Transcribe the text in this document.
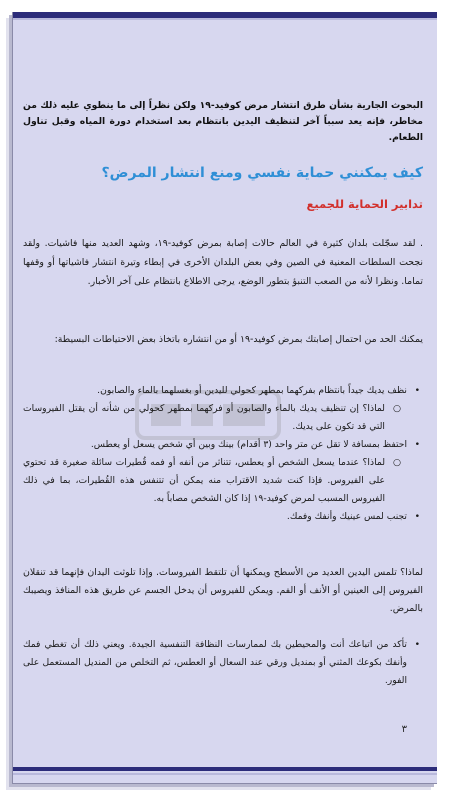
البحوث الجارية بشأن طرق انتشار مرض كوفيد-١٩ ولكن نظراً إلى ما ينطوي عليه ذلك من مخاطر، فإنه يعد سبباً آخر لتنظيف اليدين بانتظام بعد استخدام دورة المياه وقبل تناول الطعام.

كيف يمكنني حماية نفسي ومنع انتشار المرض؟
تدابير الحماية للجميع

. لقد سجّلت بلدان كثيرة في العالم حالات إصابة بمرض كوفيد-١٩، وشهد العديد منها فاشيات. ولقد نجحت السلطات المعنية في الصين وفي بعض البلدان الأخرى في إبطاء وتيرة انتشار فاشياتها أو وقفها تماما. ونظرا لأنه من الصعب التنبؤ بتطور الوضع، يرجى الاطلاع بانتظام على آخر الأخبار.

يمكنك الحد من احتمال إصابتك بمرض كوفيد-١٩ أو من انتشاره باتخاذ بعض الاحتياطات البسيطة:

•
نظف يديك جيداً بانتظام بفركهما بمطهر كحولي لليدين أو بغسلهما بالماء والصابون.
○
لماذا؟ إن تنظيف يديك بالماء والصابون أو فركهما بمطهر كحولي من شأنه أن يقتل الفيروسات التي قد تكون على يديك.
•
احتفظ بمسافة لا تقل عن متر واحد (٣ أقدام) بينك وبين أي شخص يسعل أو يعطس.
○
لماذا؟ عندما يسعل الشخص أو يعطس، تتناثر من أنفه أو فمه قُطيرات سائلة صغيرة قد تحتوي على الفيروس. فإذا كنت شديد الاقتراب منه يمكن أن تتنفس هذه القُطيرات، بما في ذلك الفيروس المسبب لمرض كوفيد-١٩ إذا كان الشخص مصاباً به.
•
تجنب لمس عينيك وأنفك وفمك.

لماذا؟ تلمس اليدين العديد من الأسطح ويمكنها أن تلتقط الفيروسات. وإذا تلوثت اليدان فإنهما قد تنقلان الفيروس إلى العينين أو الأنف أو الفم. ويمكن للفيروس أن يدخل الجسم عن طريق هذه المنافذ ويصيبك بالمرض.

•
تأكد من اتباعك أنت والمحيطين بك لممارسات النظافة التنفسية الجيدة. ويعني ذلك أن تغطي فمك وأنفك بكوعك المثني أو بمنديل ورقي عند السعال أو العطس، ثم التخلص من المنديل المستعمل على الفور.
٣
